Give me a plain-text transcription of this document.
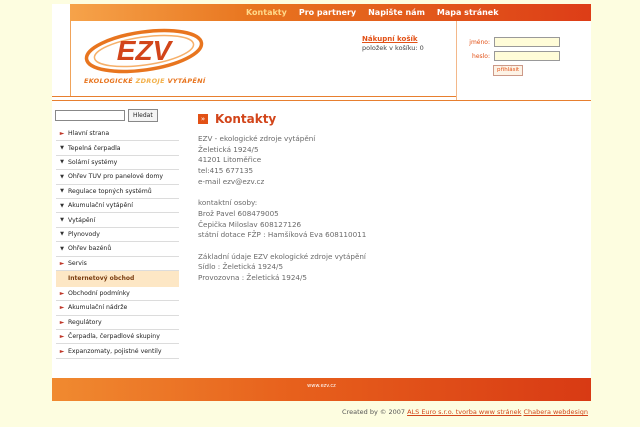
Kontakty Pro partnery Napište nám Mapa stránek
EZV
EKOLOGICKÉ ZDROJE VYTÁPĚNÍ
Nákupní košík
položek v košíku: 0
jméno:
heslo:
přihlásit
Hledat
► Hlavní strana
▼ Tepelná čerpadla
▼ Solární systémy
▼ Ohřev TUV pro panelové domy
▼ Regulace topných systémů
▼ Akumulační vytápění
▼ Vytápění
▼ Plynovody
▼ Ohřev bazénů
► Servis
Internetový obchod
► Obchodní podmínky
► Akumulační nádrže
► Regulátory
► Čerpadla, čerpadlové skupiny
► Expanzomaty, pojistné ventily
» Kontakty

EZV - ekologické zdroje vytápění

Želetická 1924/5

41201 Litoměřice

tel:415 677135

e-mail ezv@ezv.cz

kontaktní osoby:

Brož Pavel 608479005

Čepička Miloslav 608127126

státní dotace FŽP : Hamšíková Eva 608110011

Základní údaje EZV ekologické zdroje vytápění

Sídlo : Želetická 1924/5

Provozovna : Želetická 1924/5

www.ezv.cz
Created by © 2007 ALS Euro s.r.o. tvorba www stránek Chabera webdesign
